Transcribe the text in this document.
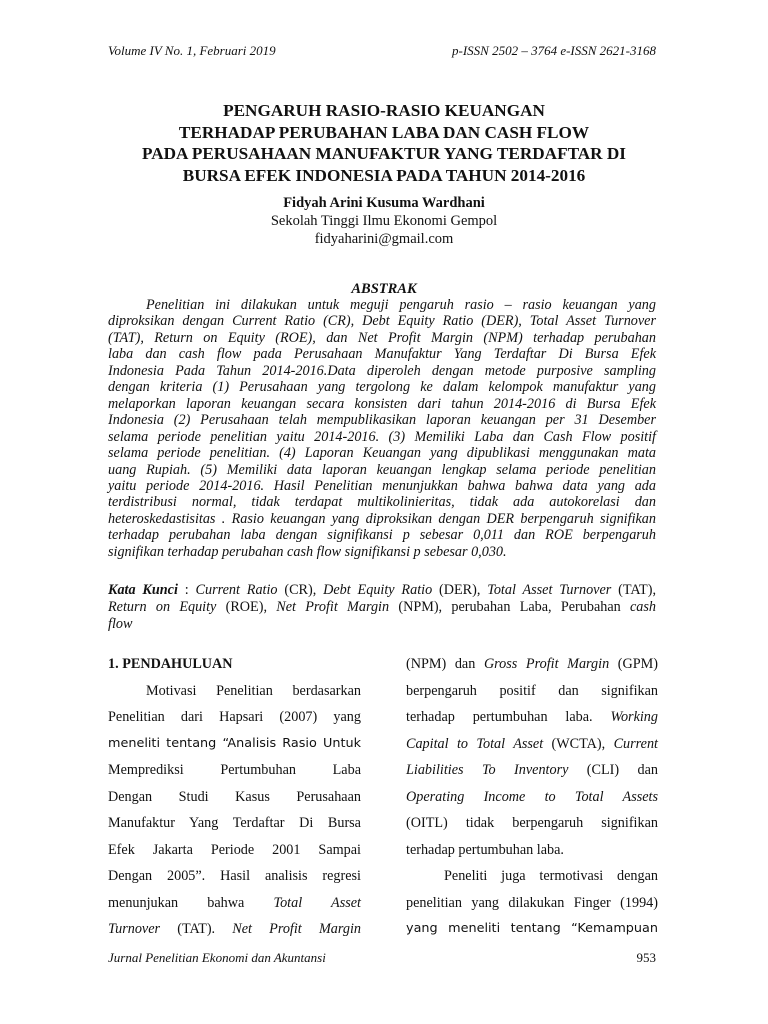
Volume IV No. 1, Februari 2019	p-ISSN 2502 – 3764 e-ISSN 2621-3168
PENGARUH RASIO-RASIO KEUANGAN
TERHADAP PERUBAHAN LABA DAN CASH FLOW
PADA PERUSAHAAN MANUFAKTUR YANG TERDAFTAR DI
BURSA EFEK INDONESIA PADA TAHUN 2014-2016
Fidyah Arini Kusuma Wardhani
Sekolah Tinggi Ilmu Ekonomi Gempol
fidyaharini@gmail.com
ABSTRAK
Penelitian ini dilakukan untuk meguji pengaruh rasio – rasio keuangan yang
diproksikan dengan Current Ratio (CR), Debt Equity Ratio (DER), Total Asset Turnover
(TAT), Return on Equity (ROE), dan Net Profit Margin (NPM) terhadap perubahan
laba dan cash flow pada Perusahaan Manufaktur Yang Terdaftar Di Bursa Efek
Indonesia Pada Tahun 2014-2016.Data diperoleh dengan metode purposive sampling
dengan kriteria (1) Perusahaan yang tergolong ke dalam kelompok manufaktur yang
melaporkan laporan keuangan secara konsisten dari tahun 2014-2016 di Bursa Efek
Indonesia (2) Perusahaan telah mempublikasikan laporan keuangan per 31 Desember
selama periode penelitian yaitu 2014-2016. (3) Memiliki Laba dan Cash Flow positif
selama periode penelitian. (4) Laporan Keuangan yang dipublikasi menggunakan mata
uang Rupiah. (5) Memiliki data laporan keuangan lengkap selama periode penelitian
yaitu periode 2014-2016. Hasil Penelitian menunjukkan bahwa bahwa data yang ada
terdistribusi normal, tidak terdapat multikolinieritas, tidak ada autokorelasi dan
heteroskedastisitas . Rasio keuangan yang diproksikan dengan DER berpengaruh signifikan
terhadap perubahan laba dengan signifikansi p sebesar 0,011 dan ROE berpengaruh
signifikan terhadap perubahan cash flow signifikansi p sebesar 0,030.
Kata Kunci : Current Ratio (CR), Debt Equity Ratio (DER), Total Asset Turnover (TAT),
Return on Equity (ROE), Net Profit Margin (NPM), perubahan Laba, Perubahan cash
flow
1. PENDAHULUAN
Motivasi Penelitian berdasarkan
Penelitian dari Hapsari (2007) yang
meneliti tentang “Analisis Rasio Untuk
Memprediksi Pertumbuhan Laba
Dengan Studi Kasus Perusahaan
Manufaktur Yang Terdaftar Di Bursa
Efek Jakarta Periode 2001 Sampai
Dengan 2005”. Hasil analisis regresi
menunjukan bahwa Total Asset
Turnover (TAT). Net Profit Margin
(NPM) dan Gross Profit Margin (GPM)
berpengaruh positif dan signifikan
terhadap pertumbuhan laba. Working
Capital to Total Asset (WCTA), Current
Liabilities To Inventory (CLI) dan
Operating Income to Total Assets
(OITL) tidak berpengaruh signifikan
terhadap pertumbuhan laba.
Peneliti juga termotivasi dengan
penelitian yang dilakukan Finger (1994)
yang meneliti tentang “Kemampuan
Jurnal Penelitian Ekonomi dan Akuntansi	953
